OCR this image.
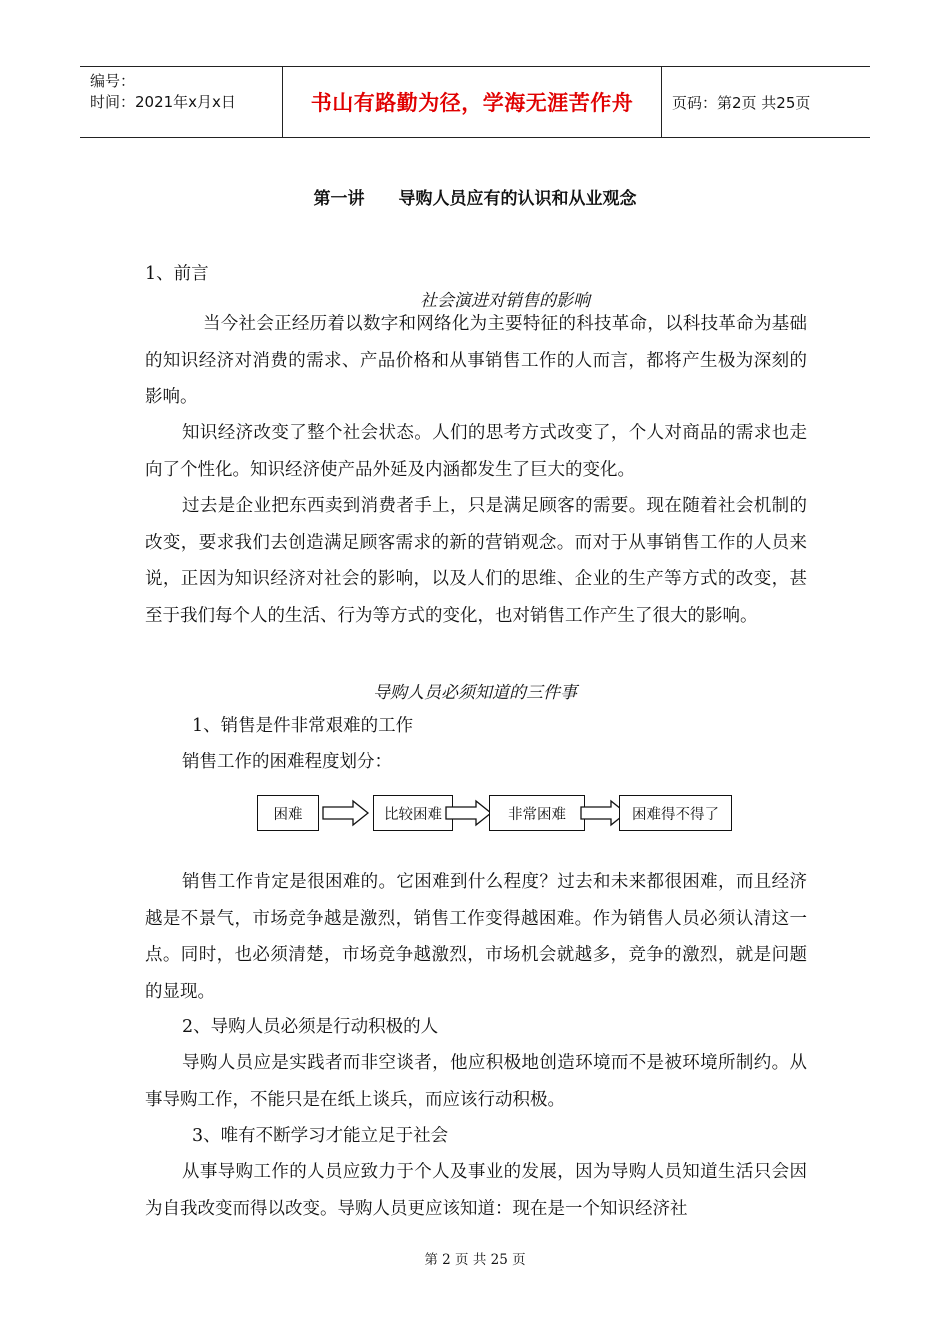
编号：
时间：2021年x月x日	书山有路勤为径，学海无涯苦作舟	页码：第2页 共25页
第一讲 导购人员应有的认识和从业观念
1、前言
社会演进对销售的影响
当今社会正经历着以数字和网络化为主要特征的科技革命，以科技革命为基础的知识经济对消费的需求、产品价格和从事销售工作的人而言，都将产生极为深刻的影响。
知识经济改变了整个社会状态。人们的思考方式改变了，个人对商品的需求也走向了个性化。知识经济使产品外延及内涵都发生了巨大的变化。
过去是企业把东西卖到消费者手上，只是满足顾客的需要。现在随着社会机制的改变，要求我们去创造满足顾客需求的新的营销观念。而对于从事销售工作的人员来说，正因为知识经济对社会的影响，以及人们的思维、企业的生产等方式的改变，甚至于我们每个人的生活、行为等方式的变化，也对销售工作产生了很大的影响。
导购人员必须知道的三件事
1、销售是件非常艰难的工作
销售工作的困难程度划分：
困难	比较困难	非常困难	困难得不得了
销售工作肯定是很困难的。它困难到什么程度？过去和未来都很困难，而且经济越是不景气，市场竞争越是激烈，销售工作变得越困难。作为销售人员必须认清这一点。同时，也必须清楚，市场竞争越激烈，市场机会就越多，竞争的激烈，就是问题的显现。
2、导购人员必须是行动积极的人
导购人员应是实践者而非空谈者，他应积极地创造环境而不是被环境所制约。从事导购工作，不能只是在纸上谈兵，而应该行动积极。
3、唯有不断学习才能立足于社会
从事导购工作的人员应致力于个人及事业的发展，因为导购人员知道生活只会因为自我改变而得以改变。导购人员更应该知道：现在是一个知识经济社
第 2 页 共 25 页
